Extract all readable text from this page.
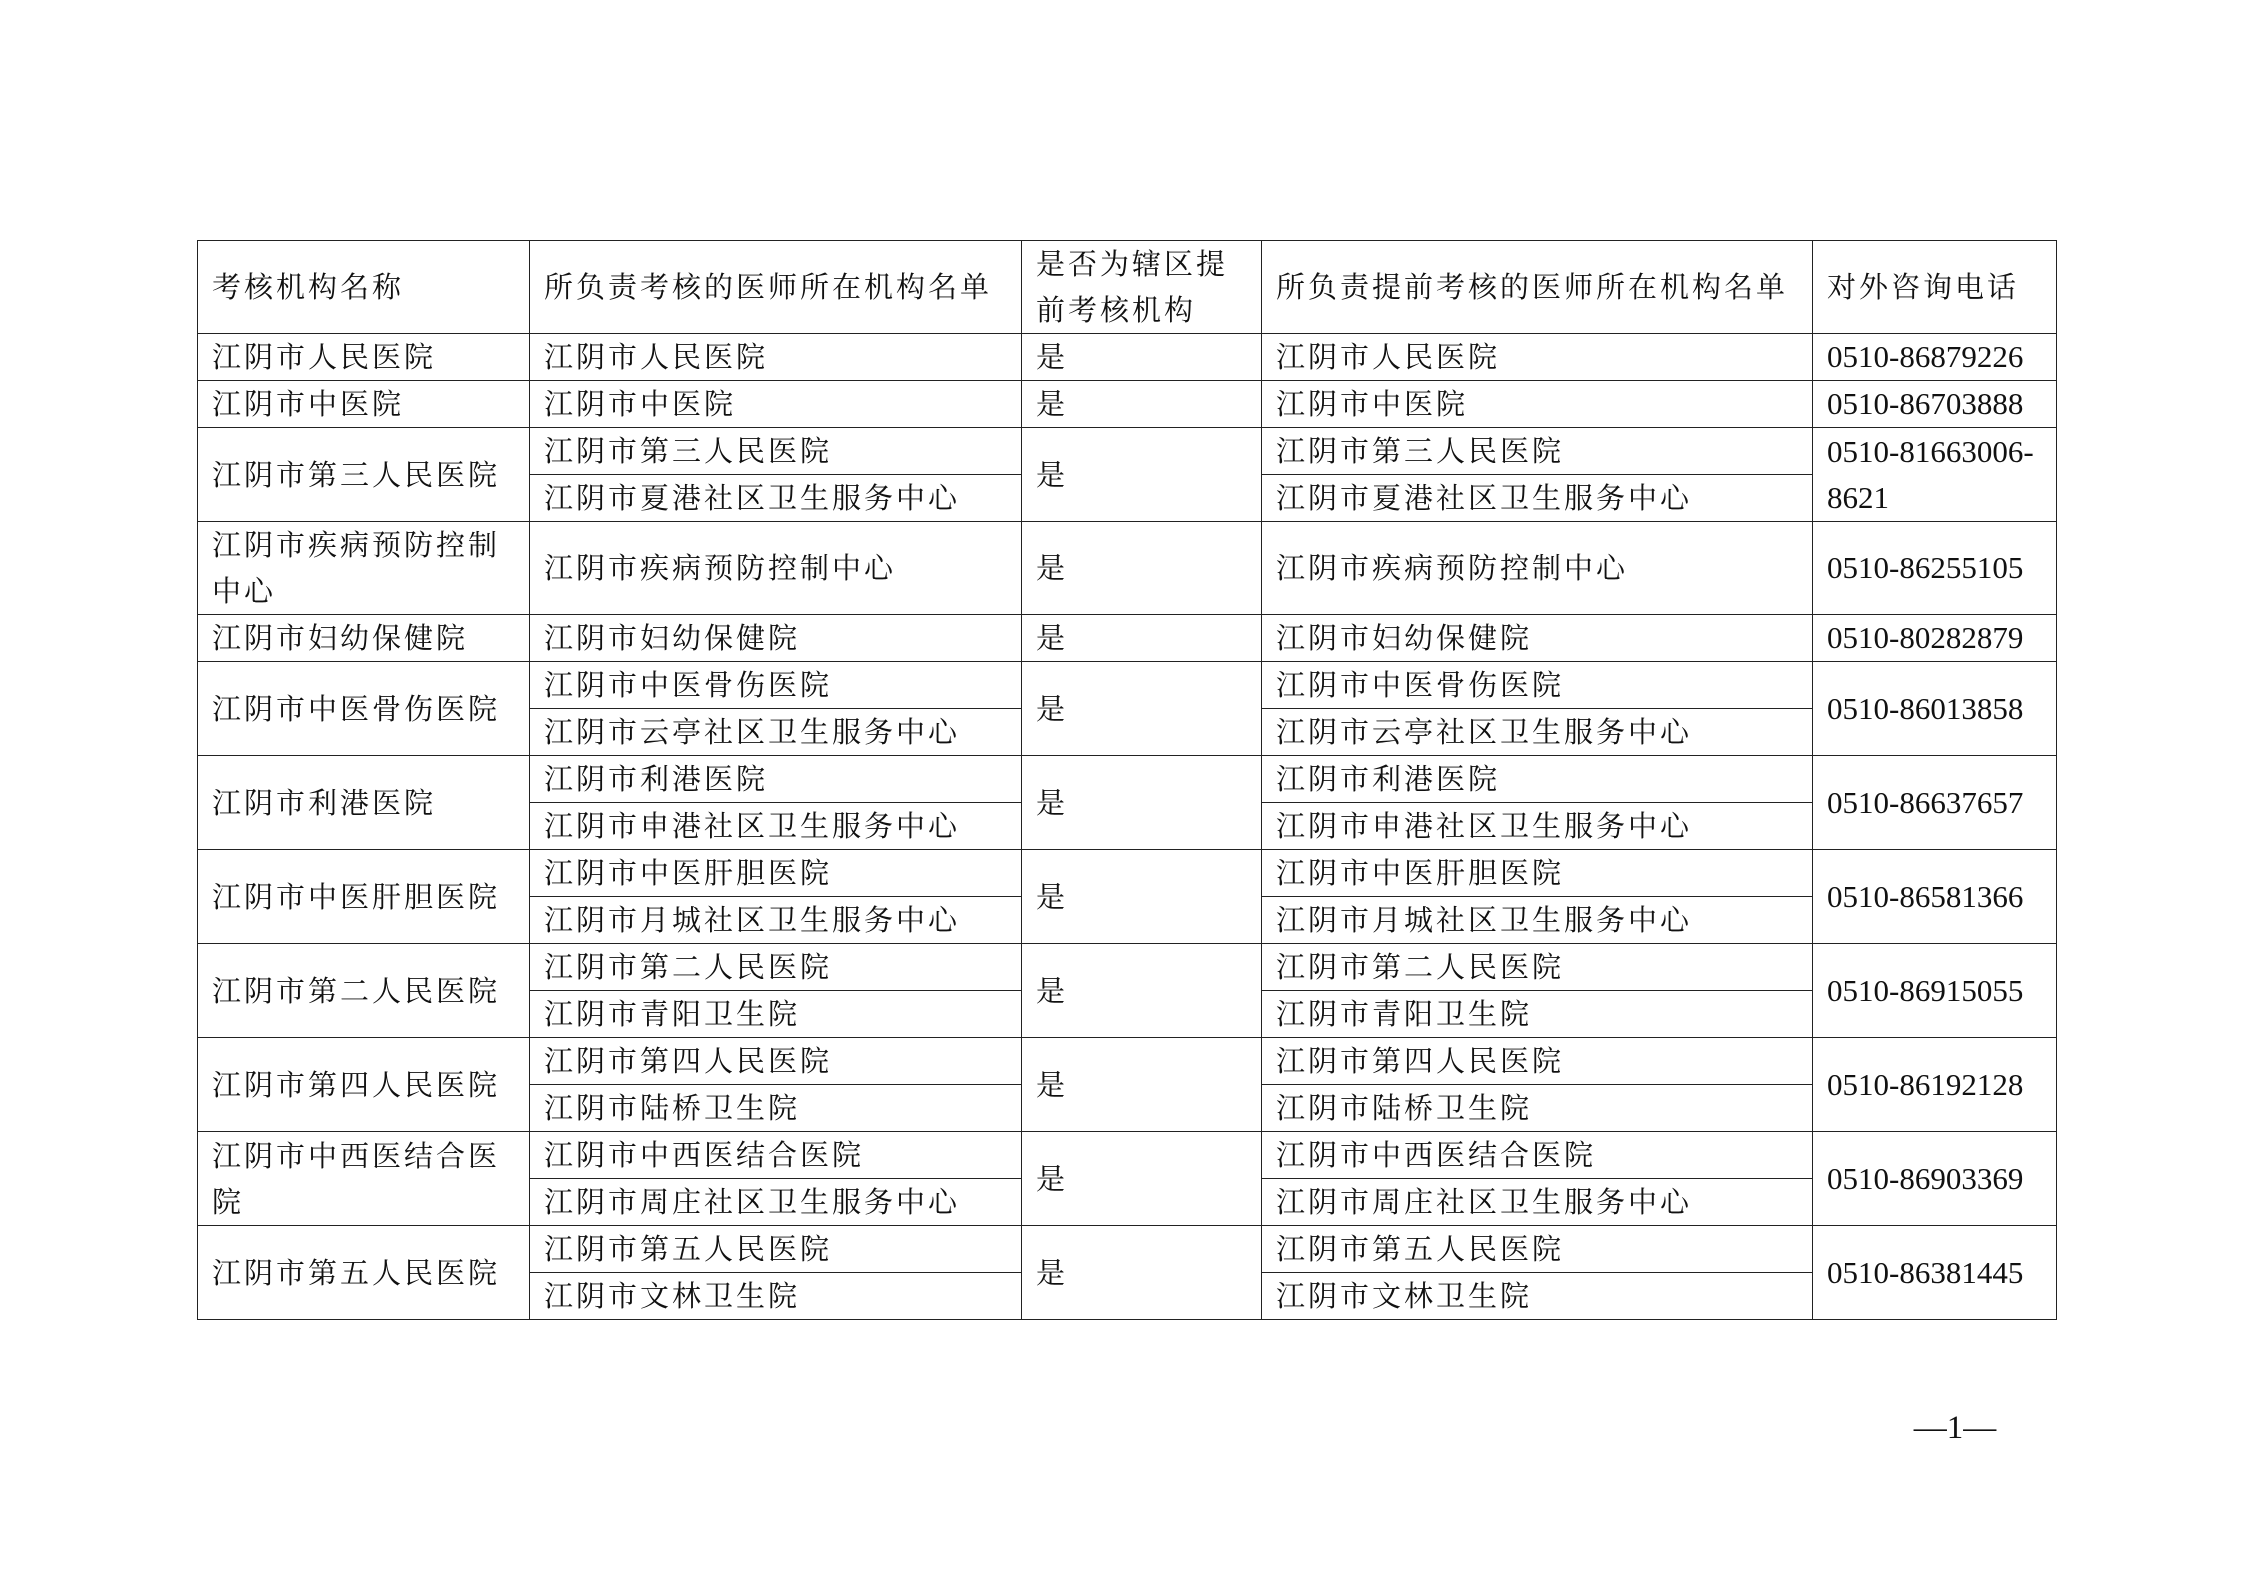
考核机构名称	所负责考核的医师所在机构名单	是否为辖区提前考核机构	所负责提前考核的医师所在机构名单	对外咨询电话
江阴市人民医院	江阴市人民医院	是	江阴市人民医院	0510-86879226
江阴市中医院	江阴市中医院	是	江阴市中医院	0510-86703888
江阴市第三人民医院	江阴市第三人民医院	是	江阴市第三人民医院	0510-81663006-8621
	江阴市夏港社区卫生服务中心		江阴市夏港社区卫生服务中心	
江阴市疾病预防控制中心	江阴市疾病预防控制中心	是	江阴市疾病预防控制中心	0510-86255105
江阴市妇幼保健院	江阴市妇幼保健院	是	江阴市妇幼保健院	0510-80282879
江阴市中医骨伤医院	江阴市中医骨伤医院	是	江阴市中医骨伤医院	0510-86013858
	江阴市云亭社区卫生服务中心		江阴市云亭社区卫生服务中心	
江阴市利港医院	江阴市利港医院	是	江阴市利港医院	0510-86637657
	江阴市申港社区卫生服务中心		江阴市申港社区卫生服务中心	
江阴市中医肝胆医院	江阴市中医肝胆医院	是	江阴市中医肝胆医院	0510-86581366
	江阴市月城社区卫生服务中心		江阴市月城社区卫生服务中心	
江阴市第二人民医院	江阴市第二人民医院	是	江阴市第二人民医院	0510-86915055
	江阴市青阳卫生院		江阴市青阳卫生院	
江阴市第四人民医院	江阴市第四人民医院	是	江阴市第四人民医院	0510-86192128
	江阴市陆桥卫生院		江阴市陆桥卫生院	
江阴市中西医结合医院	江阴市中西医结合医院	是	江阴市中西医结合医院	0510-86903369
	江阴市周庄社区卫生服务中心		江阴市周庄社区卫生服务中心	
江阴市第五人民医院	江阴市第五人民医院	是	江阴市第五人民医院	0510-86381445
	江阴市文林卫生院		江阴市文林卫生院	
—1—
